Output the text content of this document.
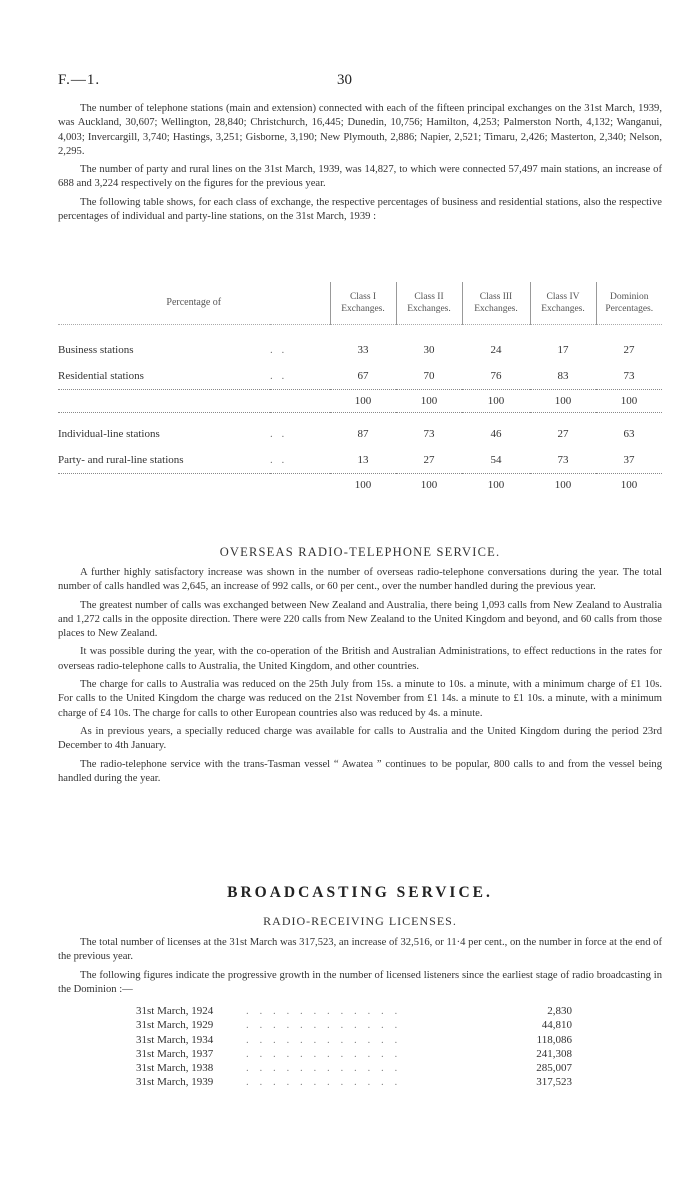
F.—1.	30

The number of telephone stations (main and extension) connected with each of the fifteen principal exchanges on the 31st March, 1939, was Auckland, 30,607; Wellington, 28,840; Christchurch, 16,445; Dunedin, 10,756; Hamilton, 4,253; Palmerston North, 4,132; Wanganui, 4,003; Invercargill, 3,740; Hastings, 3,251; Gisborne, 3,190; New Plymouth, 2,886; Napier, 2,521; Timaru, 2,426; Masterton, 2,340; Nelson, 2,295.

The number of party and rural lines on the 31st March, 1939, was 14,827, to which were connected 57,497 main stations, an increase of 688 and 3,224 respectively on the figures for the previous year.

The following table shows, for each class of exchange, the respective percentages of business and residential stations, also the respective percentages of individual and party-line stations, on the 31st March, 1939 :

Percentage of		Class I Exchanges.	Class II Exchanges.	Class III Exchanges.	Class IV Exchanges.	Dominion Percentages.

Business stations	. .	33	30	24	17	27
Residential stations	. .	67	70	76	83	73
		100	100	100	100	100

Individual-line stations	. .	87	73	46	27	63
Party- and rural-line stations	. .	13	27	54	73	37
		100	100	100	100	100
OVERSEAS RADIO-TELEPHONE SERVICE.

A further highly satisfactory increase was shown in the number of overseas radio-telephone conversations during the year. The total number of calls handled was 2,645, an increase of 992 calls, or 60 per cent., over the number handled during the previous year.

The greatest number of calls was exchanged between New Zealand and Australia, there being 1,093 calls from New Zealand to Australia and 1,272 calls in the opposite direction. There were 220 calls from New Zealand to the United Kingdom and beyond, and 60 calls from those places to New Zealand.

It was possible during the year, with the co-operation of the British and Australian Administrations, to effect reductions in the rates for overseas radio-telephone calls to Australia, the United Kingdom, and other countries.

The charge for calls to Australia was reduced on the 25th July from 15s. a minute to 10s. a minute, with a minimum charge of £1 10s. For calls to the United Kingdom the charge was reduced on the 21st November from £1 14s. a minute to £1 10s. a minute, with a minimum charge of £4 10s. The charge for calls to other European countries also was reduced by 4s. a minute.

As in previous years, a specially reduced charge was available for calls to Australia and the United Kingdom during the period 23rd December to 4th January.

The radio-telephone service with the trans-Tasman vessel “ Awatea ” continues to be popular, 800 calls to and from the vessel being handled during the year.

BROADCASTING SERVICE.
RADIO-RECEIVING LICENSES.

The total number of licenses at the 31st March was 317,523, an increase of 32,516, or 11·4 per cent., on the number in force at the end of the previous year.

The following figures indicate the progressive growth in the number of licensed listeners since the earliest stage of radio broadcasting in the Dominion :—

31st March, 1924	. . . . . . . . . . . .	2,830
31st March, 1929	. . . . . . . . . . . .	44,810
31st March, 1934	. . . . . . . . . . . .	118,086
31st March, 1937	. . . . . . . . . . . .	241,308
31st March, 1938	. . . . . . . . . . . .	285,007
31st March, 1939	. . . . . . . . . . . .	317,523
